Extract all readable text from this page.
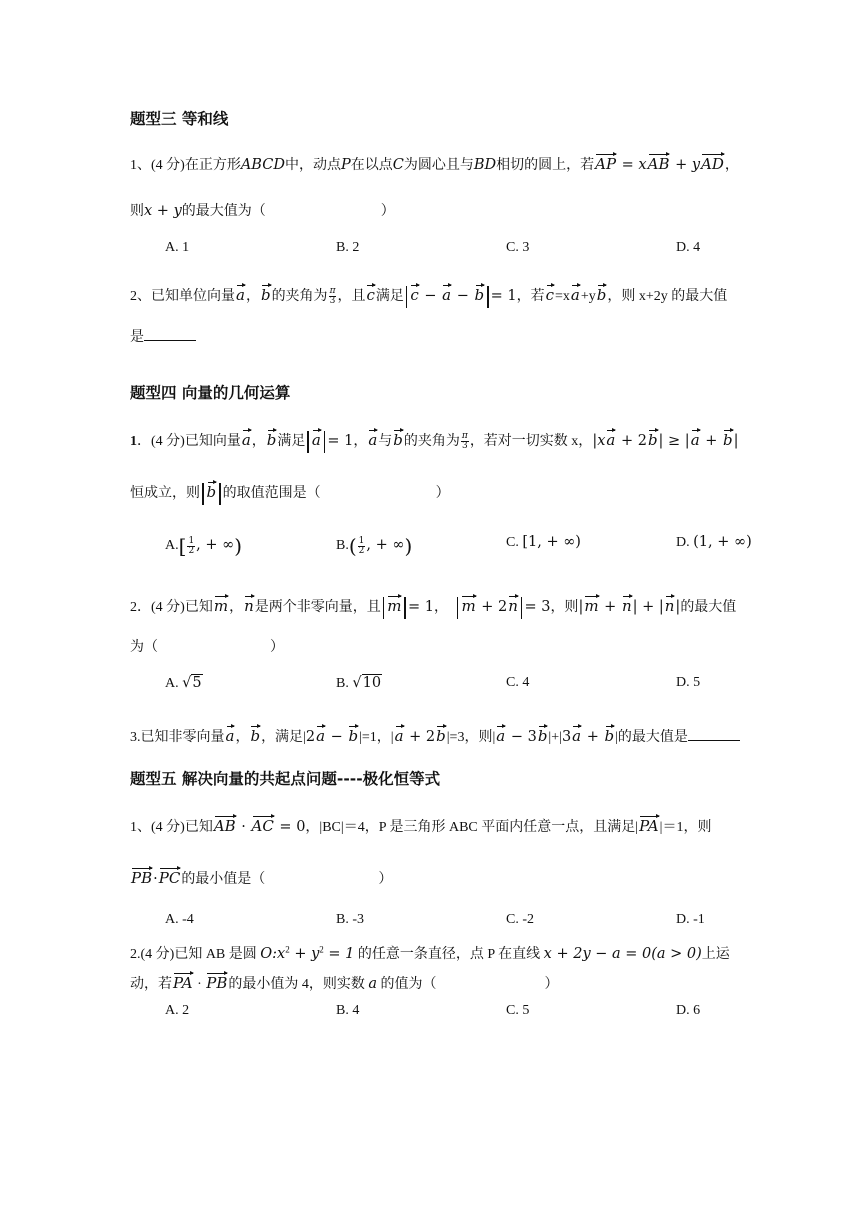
题型三 等和线
1、(4 分)在正方形ABCD中，动点P在以点C为圆心且与BD相切的圆上，若AP = xAB + yAD，
则x + y的最大值为（	）
A. 1	B. 2	C. 3	D. 4
2、已知单位向量a，b的夹角为 $\frac{\pi}{3}$ ，且c满足 c − a − b = 1，若c=xa+yb，则 x+2y 的最大值
是
题型四 向量的几何运算
1．(4 分)已知向量a，b满足 a = 1，a与b的夹角为 $\frac{\pi}{3}$ ，若对一切实数 x，|xa + 2b| ≥ |a + b|
恒成立，则 b 的取值范围是（	）
$A.[ \frac{1}{2}$ , + ∞)	$B.( \frac{1}{2}$ , + ∞)	C. [1, + ∞)	D. (1, + ∞)
2．(4 分)已知m，n是两个非零向量，且 m = 1， m + 2n = 3，则|m + n| + |n|的最大值
为（	）
A. √5	B. √10	C. 4	D. 5
3.已知非零向量a，b，满足|2a − b|=1，|a + 2b|=3，则|a − 3b|+|3a + b|的最大值是
题型五 解决向量的共起点问题----极化恒等式
1、(4 分)已知AB · AC = 0，|BC|＝4，P 是三角形 ABC 平面内任意一点，且满足|PA|＝1，则
PB·PC的最小值是（	）
A. -4	B. -3	C. -2	D. -1
2.(4 分)已知 AB 是圆 $O:x^2 + y^2 = 1$ 的任意一条直径，点 P 在直线 x + 2y − a = 0(a > 0)上运
动，若PA · PB的最小值为 4，则实数 a 的值为（	）
A. 2	B. 4	C. 5	D. 6
